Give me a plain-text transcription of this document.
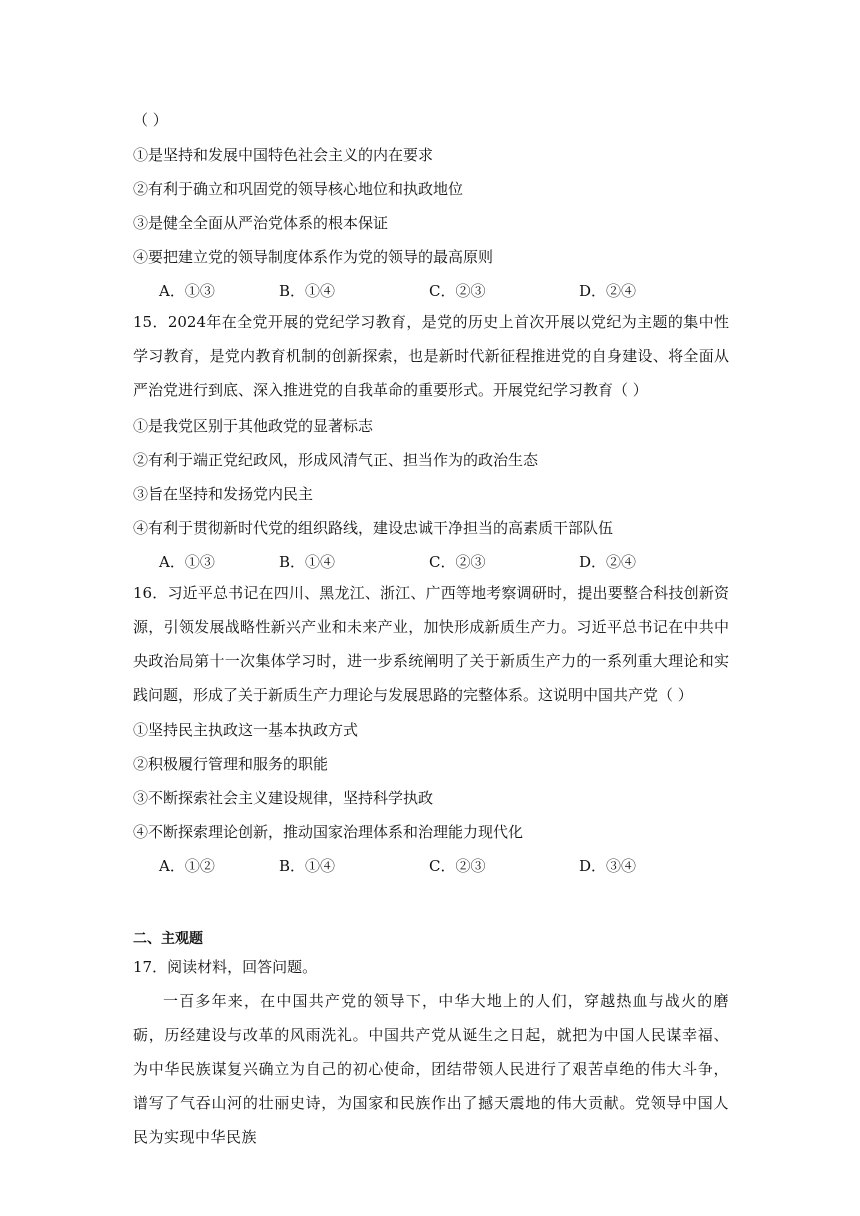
（ ）
①是坚持和发展中国特色社会主义的内在要求
②有利于确立和巩固党的领导核心地位和执政地位
③是健全全面从严治党体系的根本保证
④要把建立党的领导制度体系作为党的领导的最高原则
A．①③	B．①④	C．②③	D．②④
15．2024年在全党开展的党纪学习教育，是党的历史上首次开展以党纪为主题的集中性学习教育，是党内教育机制的创新探索，也是新时代新征程推进党的自身建设、将全面从严治党进行到底、深入推进党的自我革命的重要形式。开展党纪学习教育（ ）
①是我党区别于其他政党的显著标志
②有利于端正党纪政风，形成风清气正、担当作为的政治生态
③旨在坚持和发扬党内民主
④有利于贯彻新时代党的组织路线，建设忠诚干净担当的高素质干部队伍
A．①③	B．①④	C．②③	D．②④
16．习近平总书记在四川、黑龙江、浙江、广西等地考察调研时，提出要整合科技创新资源，引领发展战略性新兴产业和未来产业，加快形成新质生产力。习近平总书记在中共中央政治局第十一次集体学习时，进一步系统阐明了关于新质生产力的一系列重大理论和实践问题，形成了关于新质生产力理论与发展思路的完整体系。这说明中国共产党（ ）
①坚持民主执政这一基本执政方式
②积极履行管理和服务的职能
③不断探索社会主义建设规律，坚持科学执政
④不断探索理论创新，推动国家治理体系和治理能力现代化
A．①②	B．①④	C．②③	D．③④
二、主观题
17．阅读材料，回答问题。
一百多年来，在中国共产党的领导下，中华大地上的人们，穿越热血与战火的磨砺，历经建设与改革的风雨洗礼。中国共产党从诞生之日起，就把为中国人民谋幸福、为中华民族谋复兴确立为自己的初心使命，团结带领人民进行了艰苦卓绝的伟大斗争，谱写了气吞山河的壮丽史诗，为国家和民族作出了撼天震地的伟大贡献。党领导中国人民为实现中华民族
